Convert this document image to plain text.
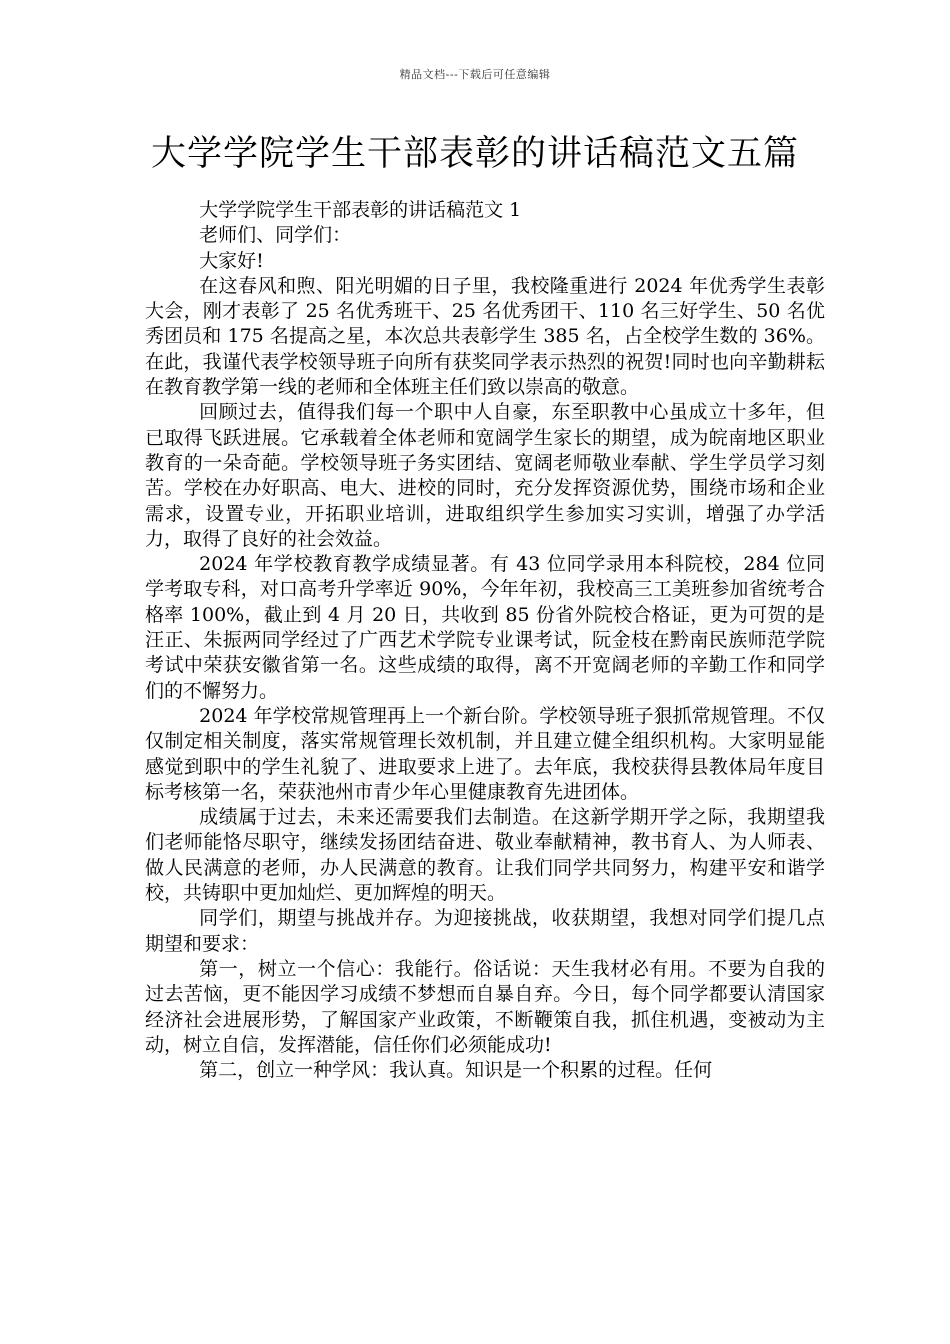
精品文档---下载后可任意编辑
大学学院学生干部表彰的讲话稿范文五篇

大学学院学生干部表彰的讲话稿范文 1

老师们、同学们：

大家好!

在这春风和煦、阳光明媚的日子里，我校隆重进行 2024 年优秀学生表彰大会，刚才表彰了 25 名优秀班干、25 名优秀团干、110 名三好学生、50 名优秀团员和 175 名提高之星，本次总共表彰学生 385 名，占全校学生数的 36%。在此，我谨代表学校领导班子向所有获奖同学表示热烈的祝贺!同时也向辛勤耕耘在教育教学第一线的老师和全体班主任们致以崇高的敬意。

回顾过去，值得我们每一个职中人自豪，东至职教中心虽成立十多年，但已取得飞跃进展。它承载着全体老师和宽阔学生家长的期望，成为皖南地区职业教育的一朵奇葩。学校领导班子务实团结、宽阔老师敬业奉献、学生学员学习刻苦。学校在办好职高、电大、进校的同时，充分发挥资源优势，围绕市场和企业需求，设置专业，开拓职业培训，进取组织学生参加实习实训，增强了办学活力，取得了良好的社会效益。

2024 年学校教育教学成绩显著。有 43 位同学录用本科院校，284 位同学考取专科，对口高考升学率近 90%，今年年初，我校高三工美班参加省统考合格率 100%，截止到 4 月 20 日，共收到 85 份省外院校合格证，更为可贺的是汪正、朱振两同学经过了广西艺术学院专业课考试，阮金枝在黔南民族师范学院考试中荣获安徽省第一名。这些成绩的取得，离不开宽阔老师的辛勤工作和同学们的不懈努力。

2024 年学校常规管理再上一个新台阶。学校领导班子狠抓常规管理。不仅仅制定相关制度，落实常规管理长效机制，并且建立健全组织机构。大家明显能感觉到职中的学生礼貌了、进取要求上进了。去年底，我校获得县教体局年度目标考核第一名，荣获池州市青少年心里健康教育先进团体。

成绩属于过去，未来还需要我们去制造。在这新学期开学之际，我期望我们老师能恪尽职守，继续发扬团结奋进、敬业奉献精神，教书育人、为人师表、做人民满意的老师，办人民满意的教育。让我们同学共同努力，构建平安和谐学校，共铸职中更加灿烂、更加辉煌的明天。

同学们，期望与挑战并存。为迎接挑战，收获期望，我想对同学们提几点期望和要求：

第一，树立一个信心：我能行。俗话说：天生我材必有用。不要为自我的过去苦恼，更不能因学习成绩不梦想而自暴自弃。今日，每个同学都要认清国家经济社会进展形势，了解国家产业政策，不断鞭策自我，抓住机遇，变被动为主动，树立自信，发挥潜能，信任你们必须能成功!

第二，创立一种学风：我认真。知识是一个积累的过程。任何
